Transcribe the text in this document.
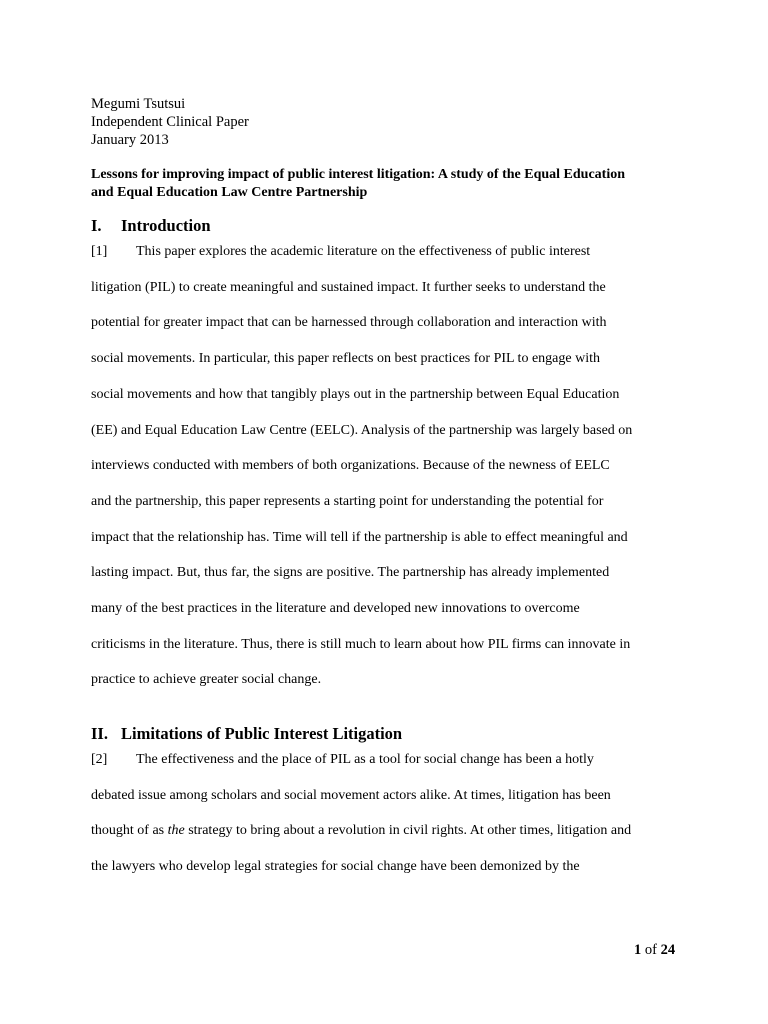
Megumi Tsutsui
Independent Clinical Paper
January 2013
Lessons for improving impact of public interest litigation: A study of the Equal Education
and Equal Education Law Centre Partnership
I. Introduction
[1] This paper explores the academic literature on the effectiveness of public interest
litigation (PIL) to create meaningful and sustained impact. It further seeks to understand the
potential for greater impact that can be harnessed through collaboration and interaction with
social movements. In particular, this paper reflects on best practices for PIL to engage with
social movements and how that tangibly plays out in the partnership between Equal Education
(EE) and Equal Education Law Centre (EELC). Analysis of the partnership was largely based on
interviews conducted with members of both organizations. Because of the newness of EELC
and the partnership, this paper represents a starting point for understanding the potential for
impact that the relationship has. Time will tell if the partnership is able to effect meaningful and
lasting impact. But, thus far, the signs are positive. The partnership has already implemented
many of the best practices in the literature and developed new innovations to overcome
criticisms in the literature. Thus, there is still much to learn about how PIL firms can innovate in
practice to achieve greater social change.
II. Limitations of Public Interest Litigation
[2] The effectiveness and the place of PIL as a tool for social change has been a hotly
debated issue among scholars and social movement actors alike. At times, litigation has been
thought of as the strategy to bring about a revolution in civil rights. At other times, litigation and
the lawyers who develop legal strategies for social change have been demonized by the
1 of 24
